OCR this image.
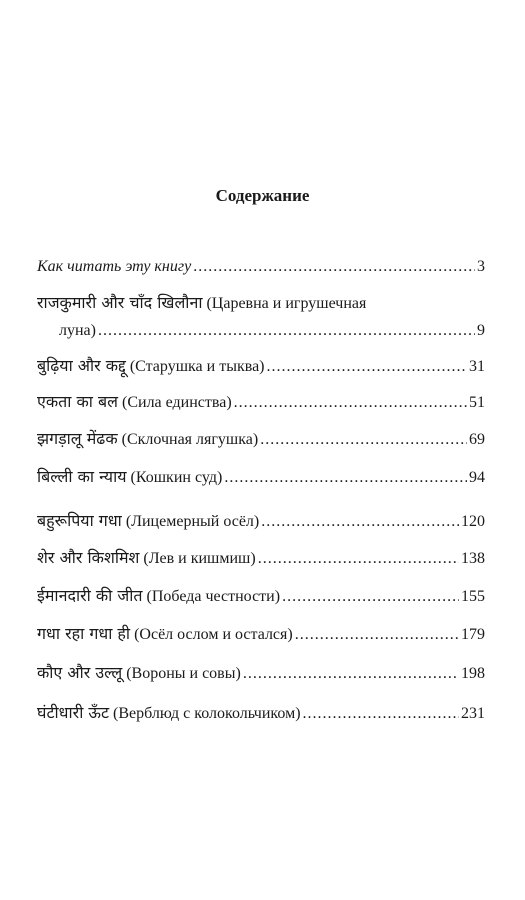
Содержание
Как читать эту книгу .....	3
राजकुमारी और चाँद खिलौना (Царевна и игрушечная
луна) .....	9
बुढ़िया और कद्दू
(Старушка и тыква) .....	31
एकता का बल
(Сила единства) .....	51
झगड़ालू मेंढक
(Склочная лягушка) .....	69
बिल्ली का न्याय
(Кошкин суд) .....	94
बहुरूपिया गधा
(Лицемерный осёл) .....	120
शेर और किशमिश
(Лев и кишмиш) .....	138
ईमानदारी की जीत
(Победа честности) .....	155
गधा रहा गधा ही
(Осёл ослом и остался) .....	179
कौए और उल्लू
(Вороны и совы) .....	198
घंटीधारी ऊँट
(Верблюд с колокольчиком) .....	231
